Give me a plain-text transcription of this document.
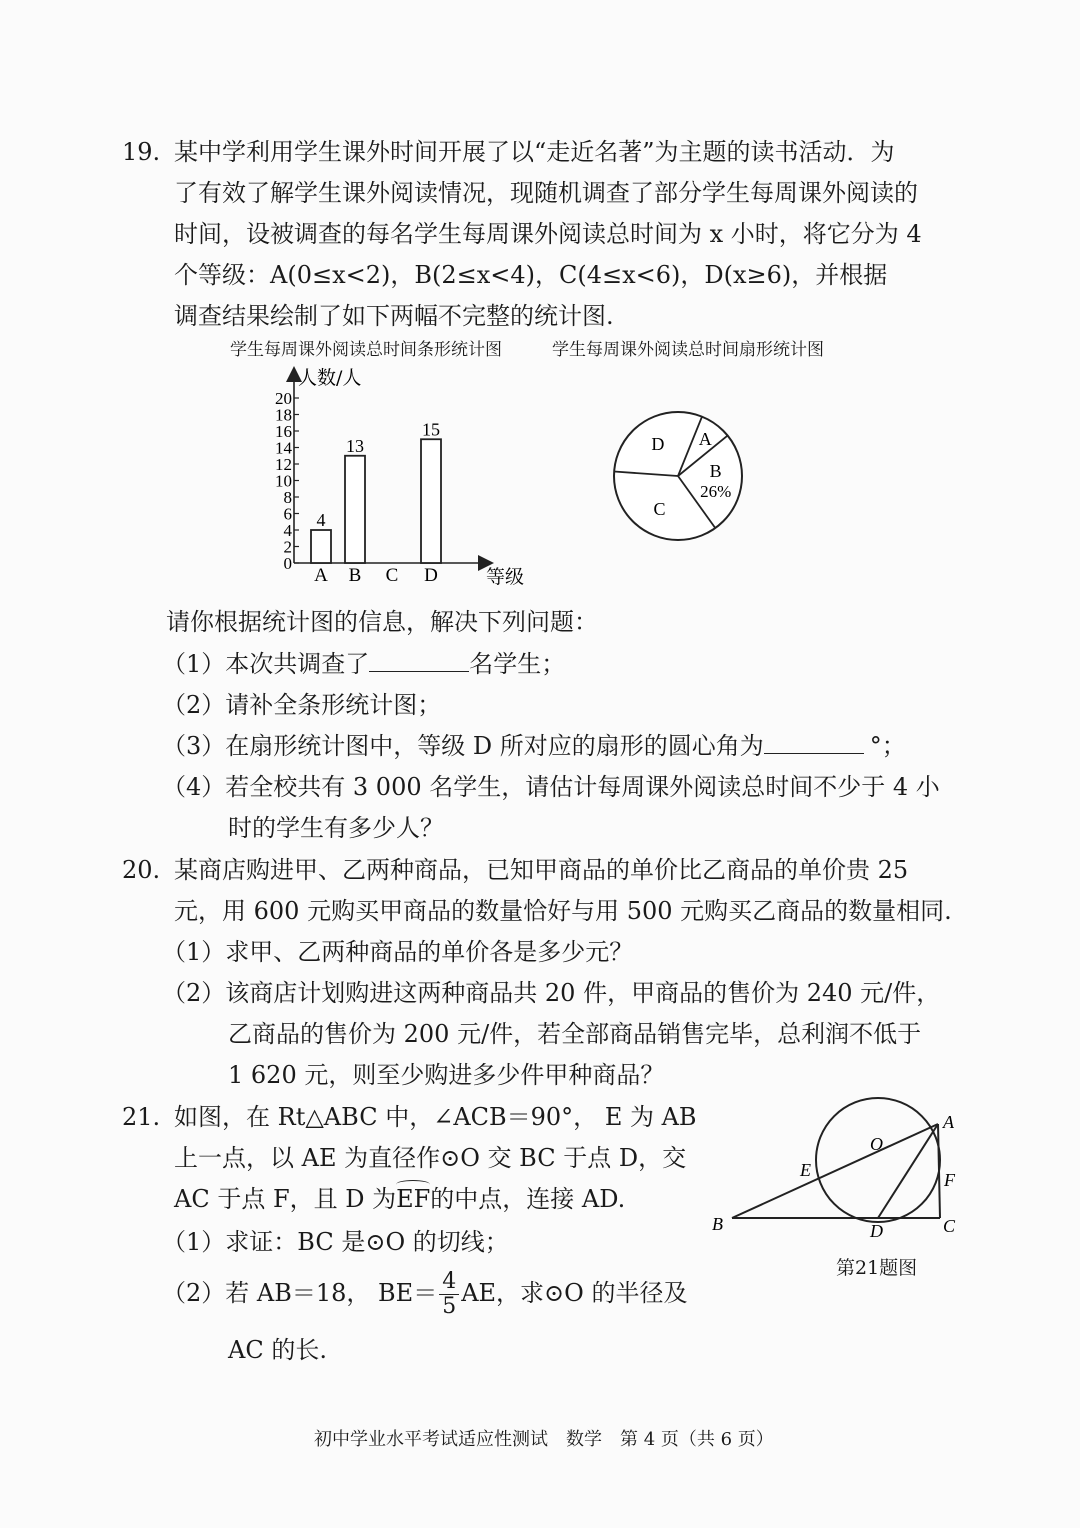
19. 某中学利用学生课外时间开展了以“走近名著”为主题的读书活动．为
了有效了解学生课外阅读情况，现随机调查了部分学生每周课外阅读的
时间，设被调查的每名学生每周课外阅读总时间为 x 小时，将它分为 4
个等级：A(0≤x<2)，B(2≤x<4)，C(4≤x<6)，D(x≥6)，并根据
调查结果绘制了如下两幅不完整的统计图.
学生每周课外阅读总时间条形统计图	学生每周课外阅读总时间扇形统计图
人数/人
0
2
4
6
8
10
12
14
16
18
20
4
A
13
B C
15
D	等级
A
B
26%
C
D
请你根据统计图的信息，解决下列问题：
（1）本次共调查了	名学生；
（2）请补全条形统计图；
（3）在扇形统计图中，等级 D 所对应的扇形的圆心角为	°；
（4）若全校共有 3 000 名学生，请估计每周课外阅读总时间不少于 4 小
时的学生有多少人？
20. 某商店购进甲、乙两种商品，已知甲商品的单价比乙商品的单价贵 25
元，用 600 元购买甲商品的数量恰好与用 500 元购买乙商品的数量相同.
（1）求甲、乙两种商品的单价各是多少元？
（2）该商店计划购进这两种商品共 20 件，甲商品的售价为 240 元/件，
乙商品的售价为 200 元/件，若全部商品销售完毕，总利润不低于
1 620 元，则至少购进多少件甲种商品？
21. 如图，在 Rt△ABC 中，∠ACB＝90°， E 为 AB
上一点，以 AE 为直径作⊙O 交 BC 于点 D，交
AC 于点 F，且 D 为EF的中点，连接 AD.
（1）求证：BC 是⊙O 的切线；
（2）若 AB＝18， $BE= \frac{4}{5}$ AE，求⊙O 的半径及
AC 的长.
A
B	C
D
E	F
O
第21题图
初中学业水平考试适应性测试　数学　第 4 页（共 6 页）
